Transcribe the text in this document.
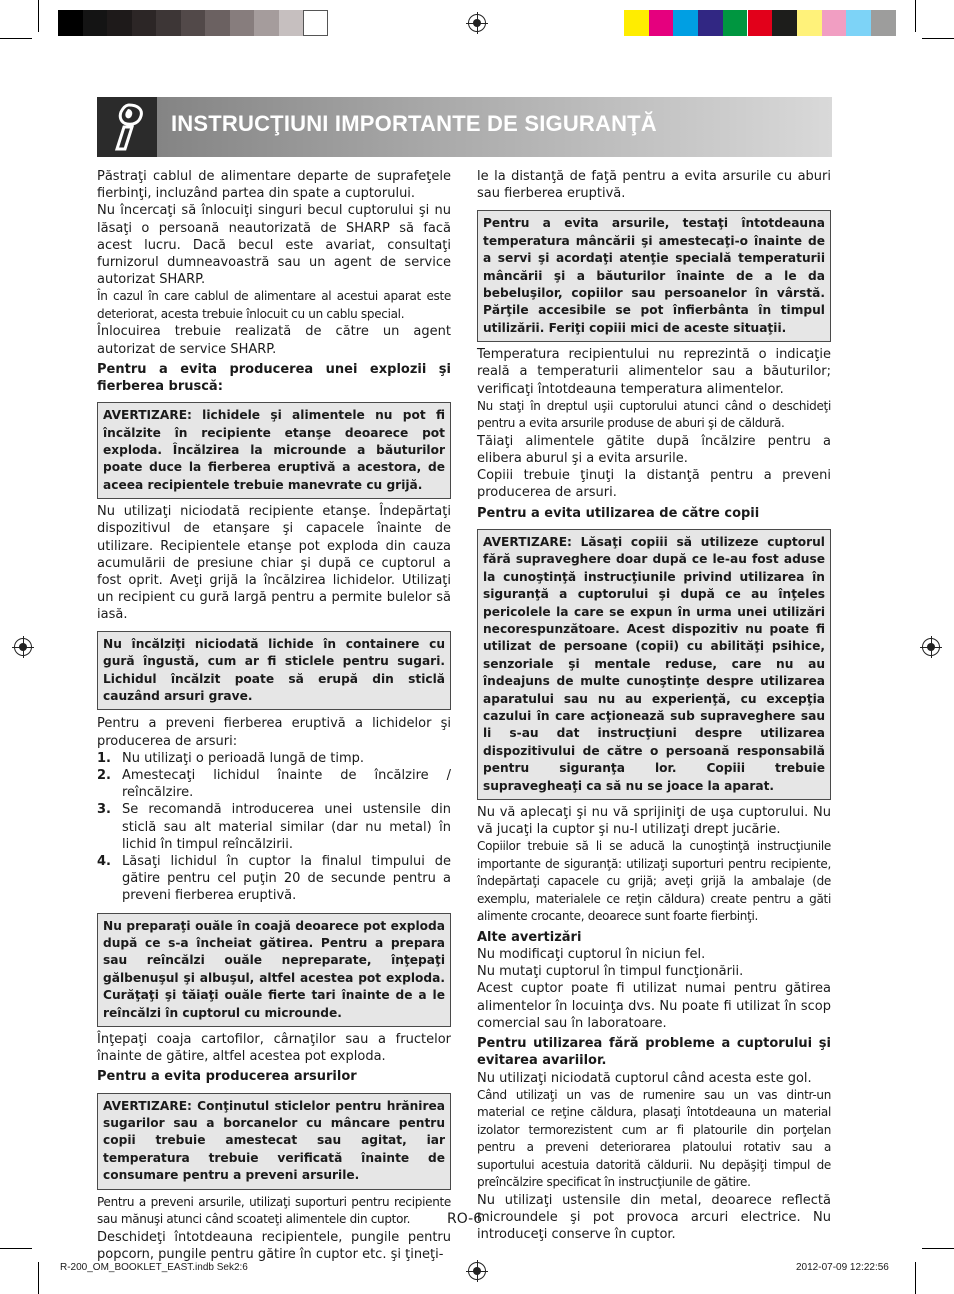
INSTRUCŢIUNI IMPORTANTE DE SIGURANŢĂ

Păstraţi cablul de alimentare departe de suprafeţele fierbinţi, incluzând partea din spate a cuptorului.

Nu încercaţi să înlocuiţi singuri becul cuptorului şi nu lăsaţi o persoană neautorizată de SHARP să facă acest lucru. Dacă becul este avariat, consultaţi furnizorul dumneavoastră sau un agent de service autorizat SHARP.

În cazul în care cablul de alimentare al acestui aparat este deteriorat, acesta trebuie înlocuit cu un cablu special.

Înlocuirea trebuie realizată de către un agent autorizat de service SHARP.

Pentru a evita producerea unei explozii şi fierberea bruscă:

AVERTIZARE: lichidele şi alimentele nu pot fi încălzite în recipiente etanşe deoarece pot exploda. Încălzirea la microunde a băuturilor poate duce la fierberea eruptivă a acestora, de aceea recipientele trebuie manevrate cu grijă.

Nu utilizaţi niciodată recipiente etanşe. Îndepărtaţi dispozitivul de etanşare şi capacele înainte de utilizare. Recipientele etanşe pot exploda din cauza acumulării de presiune chiar şi după ce cuptorul a fost oprit. Aveţi grijă la încălzirea lichidelor. Utilizaţi un recipient cu gură largă pentru a permite bulelor să iasă.

Nu încălziţi niciodată lichide în containere cu gură îngustă, cum ar fi sticlele pentru sugari. Lichidul încălzit poate să erupă din sticlă cauzând arsuri grave.

Pentru a preveni fierberea eruptivă a lichidelor şi producerea de arsuri:

1. Nu utilizaţi o perioadă lungă de timp.
2. Amestecaţi lichidul înainte de încălzire / reîncălzire.
3. Se recomandă introducerea unei ustensile din sticlă sau alt material similar (dar nu metal) în lichid în timpul reîncălzirii.
4. Lăsaţi lichidul în cuptor la finalul timpului de gătire pentru cel puţin 20 de secunde pentru a preveni fierberea eruptivă.
Nu preparaţi ouăle în coajă deoarece pot exploda după ce s-a încheiat gătirea. Pentru a prepara sau reîncălzi ouăle nepreparate, înţepaţi gălbenuşul şi albuşul, altfel acestea pot exploda. Curăţaţi şi tăiaţi ouăle fierte tari înainte de a le reîncălzi în cuptorul cu microunde.

Înţepaţi coaja cartofilor, cârnaţilor sau a fructelor înainte de gătire, altfel acestea pot exploda.

Pentru a evita producerea arsurilor

AVERTIZARE: Conţinutul sticlelor pentru hrănirea sugarilor sau a borcanelor cu mâncare pentru copii trebuie amestecat sau agitat, iar temperatura trebuie verificată înainte de consumare pentru a preveni arsurile.

Pentru a preveni arsurile, utilizaţi suporturi pentru recipiente sau mănuşi atunci când scoateţi alimentele din cuptor.

Deschideţi întotdeauna recipientele, pungile pentru popcorn, pungile pentru gătire în cuptor etc. şi ţineţi-

le la distanţă de faţă pentru a evita arsurile cu aburi sau fierberea eruptivă.

Pentru a evita arsurile, testaţi întotdeauna temperatura mâncării şi amestecaţi-o înainte de a servi şi acordaţi atenţie specială temperaturii mâncării şi a băuturilor înainte de a le da bebeluşilor, copiilor sau persoanelor în vârstă. Părţile accesibile se pot înfierbânta în timpul utilizării. Feriţi copiii mici de aceste situaţii.

Temperatura recipientului nu reprezintă o indicaţie reală a temperaturii alimentelor sau a băuturilor; verificaţi întotdeauna temperatura alimentelor.

Nu staţi în dreptul uşii cuptorului atunci când o deschideţi pentru a evita arsurile produse de aburi şi de căldură.

Tăiaţi alimentele gătite după încălzire pentru a elibera aburul şi a evita arsurile.

Copiii trebuie ţinuţi la distanţă pentru a preveni producerea de arsuri.

Pentru a evita utilizarea de către copii

AVERTIZARE: Lăsaţi copiii să utilizeze cuptorul fără supraveghere doar după ce le-au fost aduse la cunoştinţă instrucţiunile privind utilizarea în siguranţă a cuptorului şi după ce au înţeles pericolele la care se expun în urma unei utilizări necorespunzătoare. Acest dispozitiv nu poate fi utilizat de persoane (copii) cu abilităţi psihice, senzoriale şi mentale reduse, care nu au îndeajuns de multe cunoştinţe despre utilizarea aparatului sau nu au experienţă, cu excepţia cazului în care acţionează sub supraveghere sau li s-au dat instrucţiuni despre utilizarea dispozitivului de către o persoană responsabilă pentru siguranţa lor. Copiii trebuie supravegheaţi ca să nu se joace la aparat.

Nu vă aplecaţi şi nu vă sprijiniţi de uşa cuptorului. Nu vă jucaţi la cuptor şi nu-l utilizaţi drept jucărie.

Copiilor trebuie să li se aducă la cunoştinţă instrucţiunile importante de siguranţă: utilizaţi suporturi pentru recipiente, îndepărtaţi capacele cu grijă; aveţi grijă la ambalaje (de exemplu, materialele ce reţin căldura) create pentru a găti alimente crocante, deoarece sunt foarte fierbinţi.

Alte avertizări

Nu modificaţi cuptorul în niciun fel.

Nu mutaţi cuptorul în timpul funcţionării.

Acest cuptor poate fi utilizat numai pentru gătirea alimentelor în locuinţa dvs. Nu poate fi utilizat în scop comercial sau în laboratoare.

Pentru utilizarea fără probleme a cuptorului şi evitarea avariilor.

Nu utilizaţi niciodată cuptorul când acesta este gol.

Când utilizaţi un vas de rumenire sau un vas dintr-un material ce reţine căldura, plasaţi întotdeauna un material izolator termorezistent cum ar fi platourile din porţelan pentru a preveni deteriorarea platoului rotativ sau a suportului acestuia datorită căldurii. Nu depăşiţi timpul de preîncălzire specificat în instrucţiunile de gătire.

Nu utilizaţi ustensile din metal, deoarece reflectă microundele şi pot provoca arcuri electrice. Nu introduceţi conserve în cuptor.

RO-6
R-200_OM_BOOKLET_EAST.indb Sek2:6	2012-07-09 12:22:56
